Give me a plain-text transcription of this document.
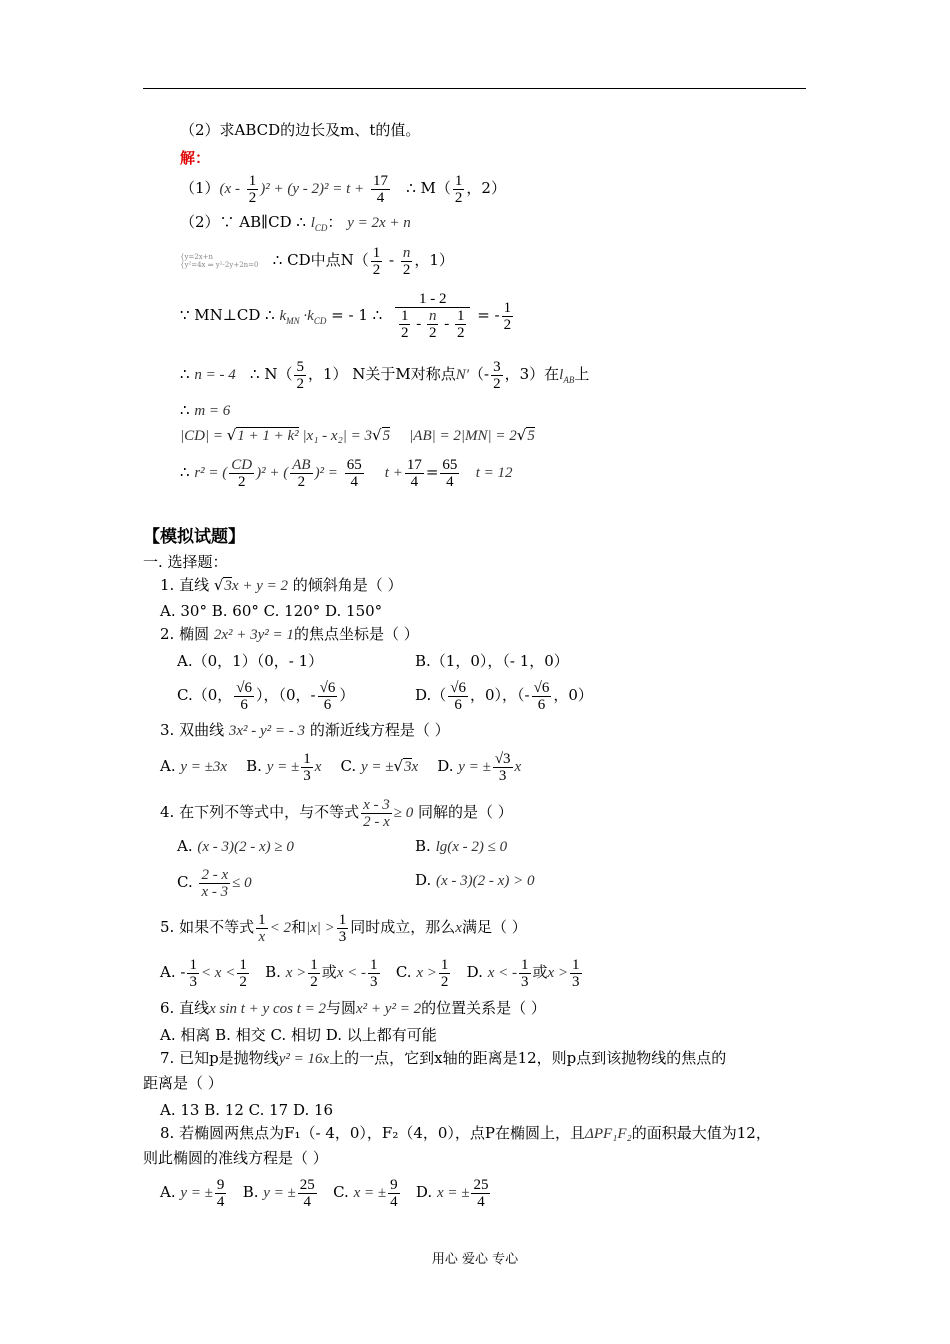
（2）求ABCD的边长及m、t的值。
解：
$(1)(x - \frac{1}{2} )^2 + (y - 2)^2 = t + \frac{17}{4}$ ∴ $M( \frac{1}{2}$ ，2）
（2）∵ AB∥CD ∴ $l_{CD}$： y = 2x + n
{y=2x+n
{y²=4x ⇒ y²-2y+2n=0 ∴ CD中点$N( \frac{1}{2} - \frac{n}{2}$ ，1）
∵ MN⊥CD ∴ $k_{MN} \cdot k_{CD}$ = - 1 ∴ $\frac{1 - 2}{\frac{1}{2} - \frac{n}{2} - \frac{1}{2}}$ = - $\frac{1}{2}$
∴ n = - 4 ∴ $N( \frac{5}{2}$ ，1） N关于M对称点$N'(- \frac{3}{2}$ ，3）在$l_{AB}$上
∴ m = 6
|CD| = √1 + 1 + k² |x₁ - x₂| = 3√5 |AB| = 2|MN| = 2√5
∴ r² = ( $\frac{CD}{2} )^2$ + ( $\frac{AB}{2} )^2 = \frac{65}{4}$ $t + \frac{17}{4} = \frac{65}{4}$ t = 12
【模拟试题】
一. 选择题：
1. 直线 √3x + y = 2 的倾斜角是（ ）
A. 30° B. 60° C. 120° D. 150°
2. 椭圆 2x² + 3y² = 1的焦点坐标是（ ）
A.（0，1）（0，- 1）	B.（1，0），（- 1，0）
C.（0， $\frac{√6}{6}$ ），（0，- $\frac{√6}{6}$ ）	$D.( \frac{√6}{6}$ ，0），（- $\frac{√6}{6}$ ，0）
3. 双曲线 3x² - y² = - 3 的渐近线方程是（ ）
A. y = ±3x    B. y = ± $\frac{1}{3}$ x    C. y = ±√3x    D. y = ± $\frac{√3}{3}$ x
4. 在下列不等式中，与不等式 $\frac{x - 3}{2 - x} \ge 0$ 同解的是（ ）
A. (x - 3)(2 - x) ≥ 0	B. lg(x - 2) ≤ 0
C. $\frac{2 - x}{x - 3} \le 0$	D. (x - 3)(2 - x) > 0
5. 如果不等式 $\frac{1}{x} < 2$和$|x| > \frac{1}{3}$ 同时成立，那么x满足（ ）
A. - $\frac{1}{3} < x < \frac{1}{2} B$. $x > \frac{1}{2}$ 或x < - $\frac{1}{3} C$. $x > \frac{1}{2} D$. x < - $\frac{1}{3}$ 或$x > \frac{1}{3}$
6. 直线x sin t + y cos t = 2与圆x² + y² = 2的位置关系是（ ）
A. 相离 B. 相交 C. 相切 D. 以上都有可能
7. 已知p是抛物线y² = 16x上的一点，它到x轴的距离是12，则p点到该抛物线的焦点的
距离是（ ）
A. 13 B. 12 C. 17 D. 16
8. 若椭圆两焦点为F₁（- 4，0），F₂（4，0），点P在椭圆上，且ΔPF₁F₂的面积最大值为12，
则此椭圆的准线方程是（ ）
A. y = ± $\frac{9}{4} B$. y = ± $\frac{25}{4} C$. x = ± $\frac{9}{4} D$. x = ± $\frac{25}{4}$
用心 爱心 专心
